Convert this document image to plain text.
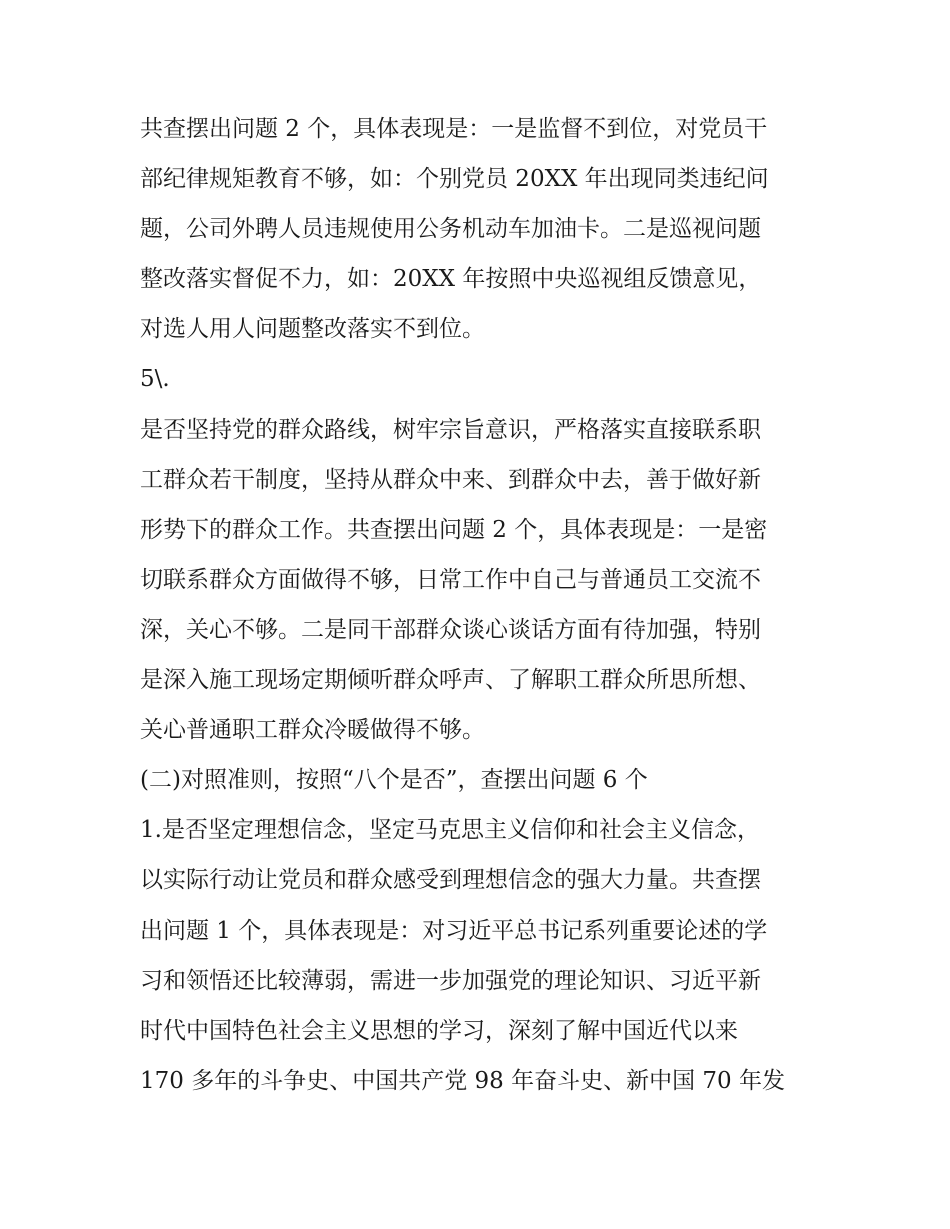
共查摆出问题 2 个，具体表现是：一是监督不到位，对党员干
部纪律规矩教育不够，如：个别党员 20XX 年出现同类违纪问
题，公司外聘人员违规使用公务机动车加油卡。二是巡视问题
整改落实督促不力，如：20XX 年按照中央巡视组反馈意见，
对选人用人问题整改落实不到位。
5\.
是否坚持党的群众路线，树牢宗旨意识，严格落实直接联系职
工群众若干制度，坚持从群众中来、到群众中去，善于做好新
形势下的群众工作。共查摆出问题 2 个，具体表现是：一是密
切联系群众方面做得不够，日常工作中自己与普通员工交流不
深，关心不够。二是同干部群众谈心谈话方面有待加强，特别
是深入施工现场定期倾听群众呼声、了解职工群众所思所想、
关心普通职工群众冷暖做得不够。
(二)对照准则，按照“八个是否”，查摆出问题 6 个
1.是否坚定理想信念，坚定马克思主义信仰和社会主义信念，
以实际行动让党员和群众感受到理想信念的强大力量。共查摆
出问题 1 个，具体表现是：对习近平总书记系列重要论述的学
习和领悟还比较薄弱，需进一步加强党的理论知识、习近平新
时代中国特色社会主义思想的学习，深刻了解中国近代以来
170 多年的斗争史、中国共产党 98 年奋斗史、新中国 70 年发
